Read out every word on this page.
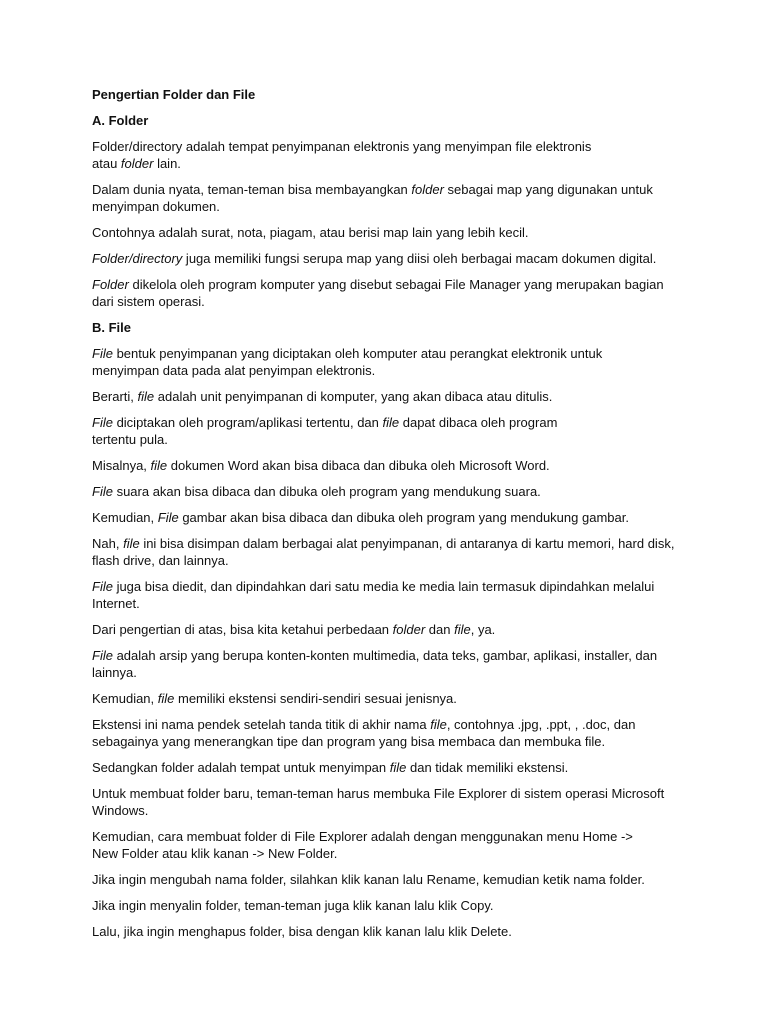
Pengertian Folder dan File
A. Folder
Folder/directory adalah tempat penyimpanan elektronis yang menyimpan file elektronis
atau folder lain.
Dalam dunia nyata, teman-teman bisa membayangkan folder sebagai map yang digunakan untuk
menyimpan dokumen.
Contohnya adalah surat, nota, piagam, atau berisi map lain yang lebih kecil.
Folder/directory juga memiliki fungsi serupa map yang diisi oleh berbagai macam dokumen digital.
Folder dikelola oleh program komputer yang disebut sebagai File Manager yang merupakan bagian
dari sistem operasi.
B. File
File bentuk penyimpanan yang diciptakan oleh komputer atau perangkat elektronik untuk
menyimpan data pada alat penyimpan elektronis.
Berarti, file adalah unit penyimpanan di komputer, yang akan dibaca atau ditulis.
File diciptakan oleh program/aplikasi tertentu, dan file dapat dibaca oleh program
tertentu pula.
Misalnya, file dokumen Word akan bisa dibaca dan dibuka oleh Microsoft Word.
File suara akan bisa dibaca dan dibuka oleh program yang mendukung suara.
Kemudian, File gambar akan bisa dibaca dan dibuka oleh program yang mendukung gambar.
Nah, file ini bisa disimpan dalam berbagai alat penyimpanan, di antaranya di kartu memori, hard disk,
flash drive, dan lainnya.
File juga bisa diedit, dan dipindahkan dari satu media ke media lain termasuk dipindahkan melalui
Internet.
Dari pengertian di atas, bisa kita ketahui perbedaan folder dan file, ya.
File adalah arsip yang berupa konten-konten multimedia, data teks, gambar, aplikasi, installer, dan
lainnya.
Kemudian, file memiliki ekstensi sendiri-sendiri sesuai jenisnya.
Ekstensi ini nama pendek setelah tanda titik di akhir nama file, contohnya .jpg, .ppt, , .doc, dan
sebagainya yang menerangkan tipe dan program yang bisa membaca dan membuka file.
Sedangkan folder adalah tempat untuk menyimpan file dan tidak memiliki ekstensi.
Untuk membuat folder baru, teman-teman harus membuka File Explorer di sistem operasi Microsoft
Windows.
Kemudian, cara membuat folder di File Explorer adalah dengan menggunakan menu Home ->
New Folder atau klik kanan -> New Folder.
Jika ingin mengubah nama folder, silahkan klik kanan lalu Rename, kemudian ketik nama folder.
Jika ingin menyalin folder, teman-teman juga klik kanan lalu klik Copy.
Lalu, jika ingin menghapus folder, bisa dengan klik kanan lalu klik Delete.
